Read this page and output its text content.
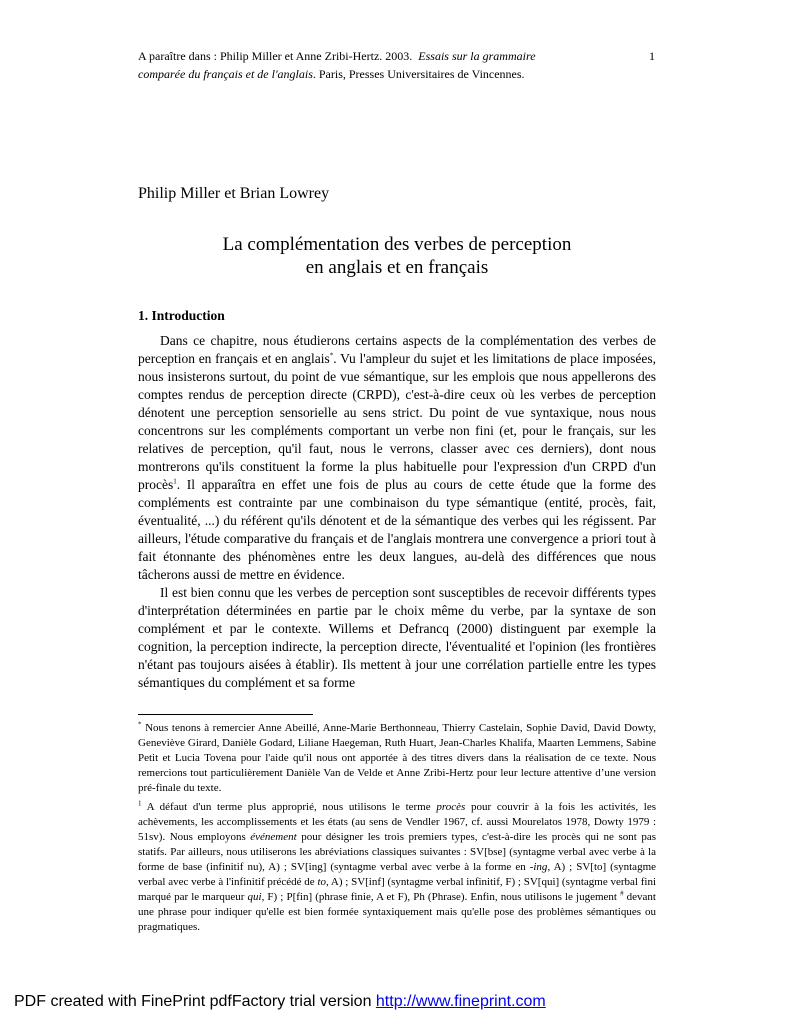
A paraître dans : Philip Miller et Anne Zribi-Hertz. 2003. Essais sur la grammaire
comparée du français et de l'anglais. Paris, Presses Universitaires de Vincennes.
1
Philip Miller et Brian Lowrey
La complémentation des verbes de perception
en anglais et en français
1. Introduction

Dans ce chapitre, nous étudierons certains aspects de la complémentation des verbes de perception en français et en anglais*. Vu l'ampleur du sujet et les limitations de place imposées, nous insisterons surtout, du point de vue sémantique, sur les emplois que nous appellerons des comptes rendus de perception directe (CRPD), c'est-à-dire ceux où les verbes de perception dénotent une perception sensorielle au sens strict. Du point de vue syntaxique, nous nous concentrons sur les compléments comportant un verbe non fini (et, pour le français, sur les relatives de perception, qu'il faut, nous le verrons, classer avec ces derniers), dont nous montrerons qu'ils constituent la forme la plus habituelle pour l'expression d'un CRPD d'un procès$^1$. Il apparaîtra en effet une fois de plus au cours de cette étude que la forme des compléments est contrainte par une combinaison du type sémantique (entité, procès, fait, éventualité, ...) du référent qu'ils dénotent et de la sémantique des verbes qui les régissent. Par ailleurs, l'étude comparative du français et de l'anglais montrera une convergence a priori tout à fait étonnante des phénomènes entre les deux langues, au-delà des différences que nous tâcherons aussi de mettre en évidence.

Il est bien connu que les verbes de perception sont susceptibles de recevoir différents types d'interprétation déterminées en partie par le choix même du verbe, par la syntaxe de son complément et par le contexte. Willems et Defrancq (2000) distinguent par exemple la cognition, la perception indirecte, la perception directe, l'éventualité et l'opinion (les frontières n'étant pas toujours aisées à établir). Ils mettent à jour une corrélation partielle entre les types sémantiques du complément et sa forme

* Nous tenons à remercier Anne Abeillé, Anne-Marie Berthonneau, Thierry Castelain, Sophie David, David Dowty, Geneviève Girard, Danièle Godard, Liliane Haegeman, Ruth Huart, Jean-Charles Khalifa, Maarten Lemmens, Sabine Petit et Lucia Tovena pour l'aide qu'il nous ont apportée à des titres divers dans la réalisation de ce texte. Nous remercions tout particulièrement Danièle Van de Velde et Anne Zribi-Hertz pour leur lecture attentive d’une version pré-finale du texte.

$^1$ A défaut d'un terme plus approprié, nous utilisons le terme procès pour couvrir à la fois les activités, les achèvements, les accomplissements et les états (au sens de Vendler 1967, cf. aussi Mourelatos 1978, Dowty 1979 : 51sv). Nous employons événement pour désigner les trois premiers types, c'est-à-dire les procès qui ne sont pas statifs. Par ailleurs, nous utiliserons les abréviations classiques suivantes : SV[bse] (syntagme verbal avec verbe à la forme de base (infinitif nu), A) ; SV[ing] (syntagme verbal avec verbe à la forme en -ing, A) ; SV[to] (syntagme verbal avec verbe à l'infinitif précédé de to, A) ; SV[inf] (syntagme verbal infinitif, F) ; SV[qui] (syntagme verbal fini marqué par le marqueur qui, F) ; P[fin] (phrase finie, A et F), Ph (Phrase). Enfin, nous utilisons le jugement # devant une phrase pour indiquer qu'elle est bien formée syntaxiquement mais qu'elle pose des problèmes sémantiques ou pragmatiques.

PDF created with FinePrint pdfFactory trial version http://www.fineprint.com
